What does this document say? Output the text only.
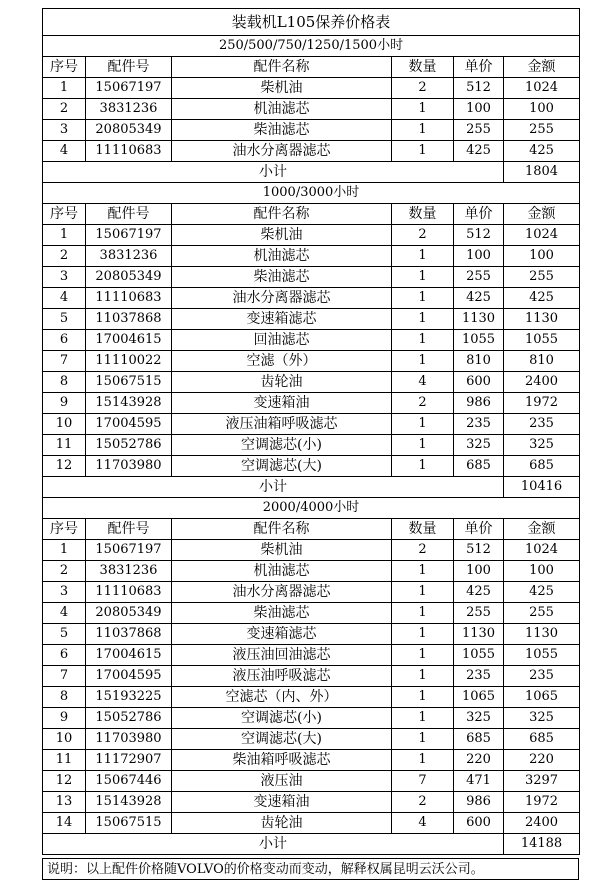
装载机L105保养价格表					
250/500/750/1250/1500小时					
序号	配件号	配件名称	数量	单价	金额
1	15067197	柴机油	2	512	1024
2	3831236	机油滤芯	1	100	100
3	20805349	柴油滤芯	1	255	255
4	11110683	油水分离器滤芯	1	425	425
小计					1804
1000/3000小时					
序号	配件号	配件名称	数量	单价	金额
1	15067197	柴机油	2	512	1024
2	3831236	机油滤芯	1	100	100
3	20805349	柴油滤芯	1	255	255
4	11110683	油水分离器滤芯	1	425	425
5	11037868	变速箱滤芯	1	1130	1130
6	17004615	回油滤芯	1	1055	1055
7	11110022	空滤（外）	1	810	810
8	15067515	齿轮油	4	600	2400
9	15143928	变速箱油	2	986	1972
10	17004595	液压油箱呼吸滤芯	1	235	235
11	15052786	空调滤芯(小)	1	325	325
12	11703980	空调滤芯(大)	1	685	685
小计					10416
2000/4000小时					
序号	配件号	配件名称	数量	单价	金额
1	15067197	柴机油	2	512	1024
2	3831236	机油滤芯	1	100	100
3	11110683	油水分离器滤芯	1	425	425
4	20805349	柴油滤芯	1	255	255
5	11037868	变速箱滤芯	1	1130	1130
6	17004615	液压油回油滤芯	1	1055	1055
7	17004595	液压油呼吸滤芯	1	235	235
8	15193225	空滤芯（内、外）	1	1065	1065
9	15052786	空调滤芯(小)	1	325	325
10	11703980	空调滤芯(大)	1	685	685
11	11172907	柴油箱呼吸滤芯	1	220	220
12	15067446	液压油	7	471	3297
13	15143928	变速箱油	2	986	1972
14	15067515	齿轮油	4	600	2400
小计					14188
说明：以上配件价格随VOLVO的价格变动而变动，解释权属昆明云沃公司。
